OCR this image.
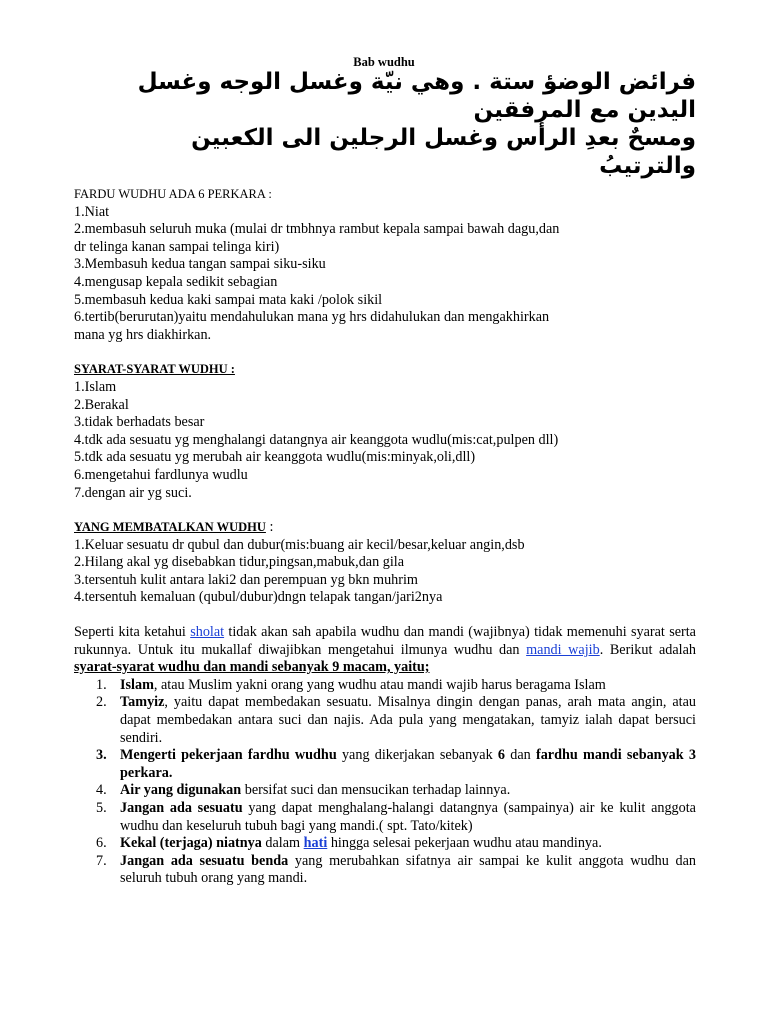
Bab wudhu
فرائض الوضؤ ستة . وهي نيّة وغسل الوجه وغسل
اليدين مع المرفقين
ومسحٌ بعدِ الرأس وغسل الرجلين الى الكعبين
والترتيبُ

FARDU WUDHU ADA 6 PERKARA :

1.Niat

2.membasuh seluruh muka (mulai dr tmbhnya rambut kepala sampai bawah dagu,dan

dr telinga kanan sampai telinga kiri)

3.Membasuh kedua tangan sampai siku-siku

4.mengusap kepala sedikit sebagian

5.membasuh kedua kaki sampai mata kaki /polok sikil

6.tertib(berurutan)yaitu mendahulukan mana yg hrs didahulukan dan mengakhirkan

mana yg hrs diakhirkan.

SYARAT-SYARAT WUDHU :

1.Islam

2.Berakal

3.tidak berhadats besar

4.tdk ada sesuatu yg menghalangi datangnya air keanggota wudlu(mis:cat,pulpen dll)

5.tdk ada sesuatu yg merubah air keanggota wudlu(mis:minyak,oli,dll)

6.mengetahui fardlunya wudlu

7.dengan air yg suci.

YANG MEMBATALKAN WUDHU :

1.Keluar sesuatu dr qubul dan dubur(mis:buang air kecil/besar,keluar angin,dsb

2.Hilang akal yg disebabkan tidur,pingsan,mabuk,dan gila

3.tersentuh kulit antara laki2 dan perempuan yg bkn muhrim

4.tersentuh kemaluan (qubul/dubur)dngn telapak tangan/jari2nya

Seperti kita ketahui sholat tidak akan sah apabila wudhu dan mandi (wajibnya) tidak memenuhi syarat serta rukunnya. Untuk itu mukallaf diwajibkan mengetahui ilmunya wudhu dan mandi wajib. Berikut adalah syarat-syarat wudhu dan mandi sebanyak 9 macam, yaitu;

1. Islam, atau Muslim yakni orang yang wudhu atau mandi wajib harus beragama Islam
2. Tamyiz, yaitu dapat membedakan sesuatu. Misalnya dingin dengan panas, arah mata angin, atau dapat membedakan antara suci dan najis. Ada pula yang mengatakan, tamyiz ialah dapat bersuci sendiri.
3. Mengerti pekerjaan fardhu wudhu yang dikerjakan sebanyak 6 dan fardhu mandi sebanyak 3 perkara.
4. Air yang digunakan bersifat suci dan mensucikan terhadap lainnya.
5. Jangan ada sesuatu yang dapat menghalang-halangi datangnya (sampainya) air ke kulit anggota wudhu dan keseluruh tubuh bagi yang mandi.( spt. Tato/kitek)
6. Kekal (terjaga) niatnya dalam hati hingga selesai pekerjaan wudhu atau mandinya.
7. Jangan ada sesuatu benda yang merubahkan sifatnya air sampai ke kulit anggota wudhu dan seluruh tubuh orang yang mandi.
